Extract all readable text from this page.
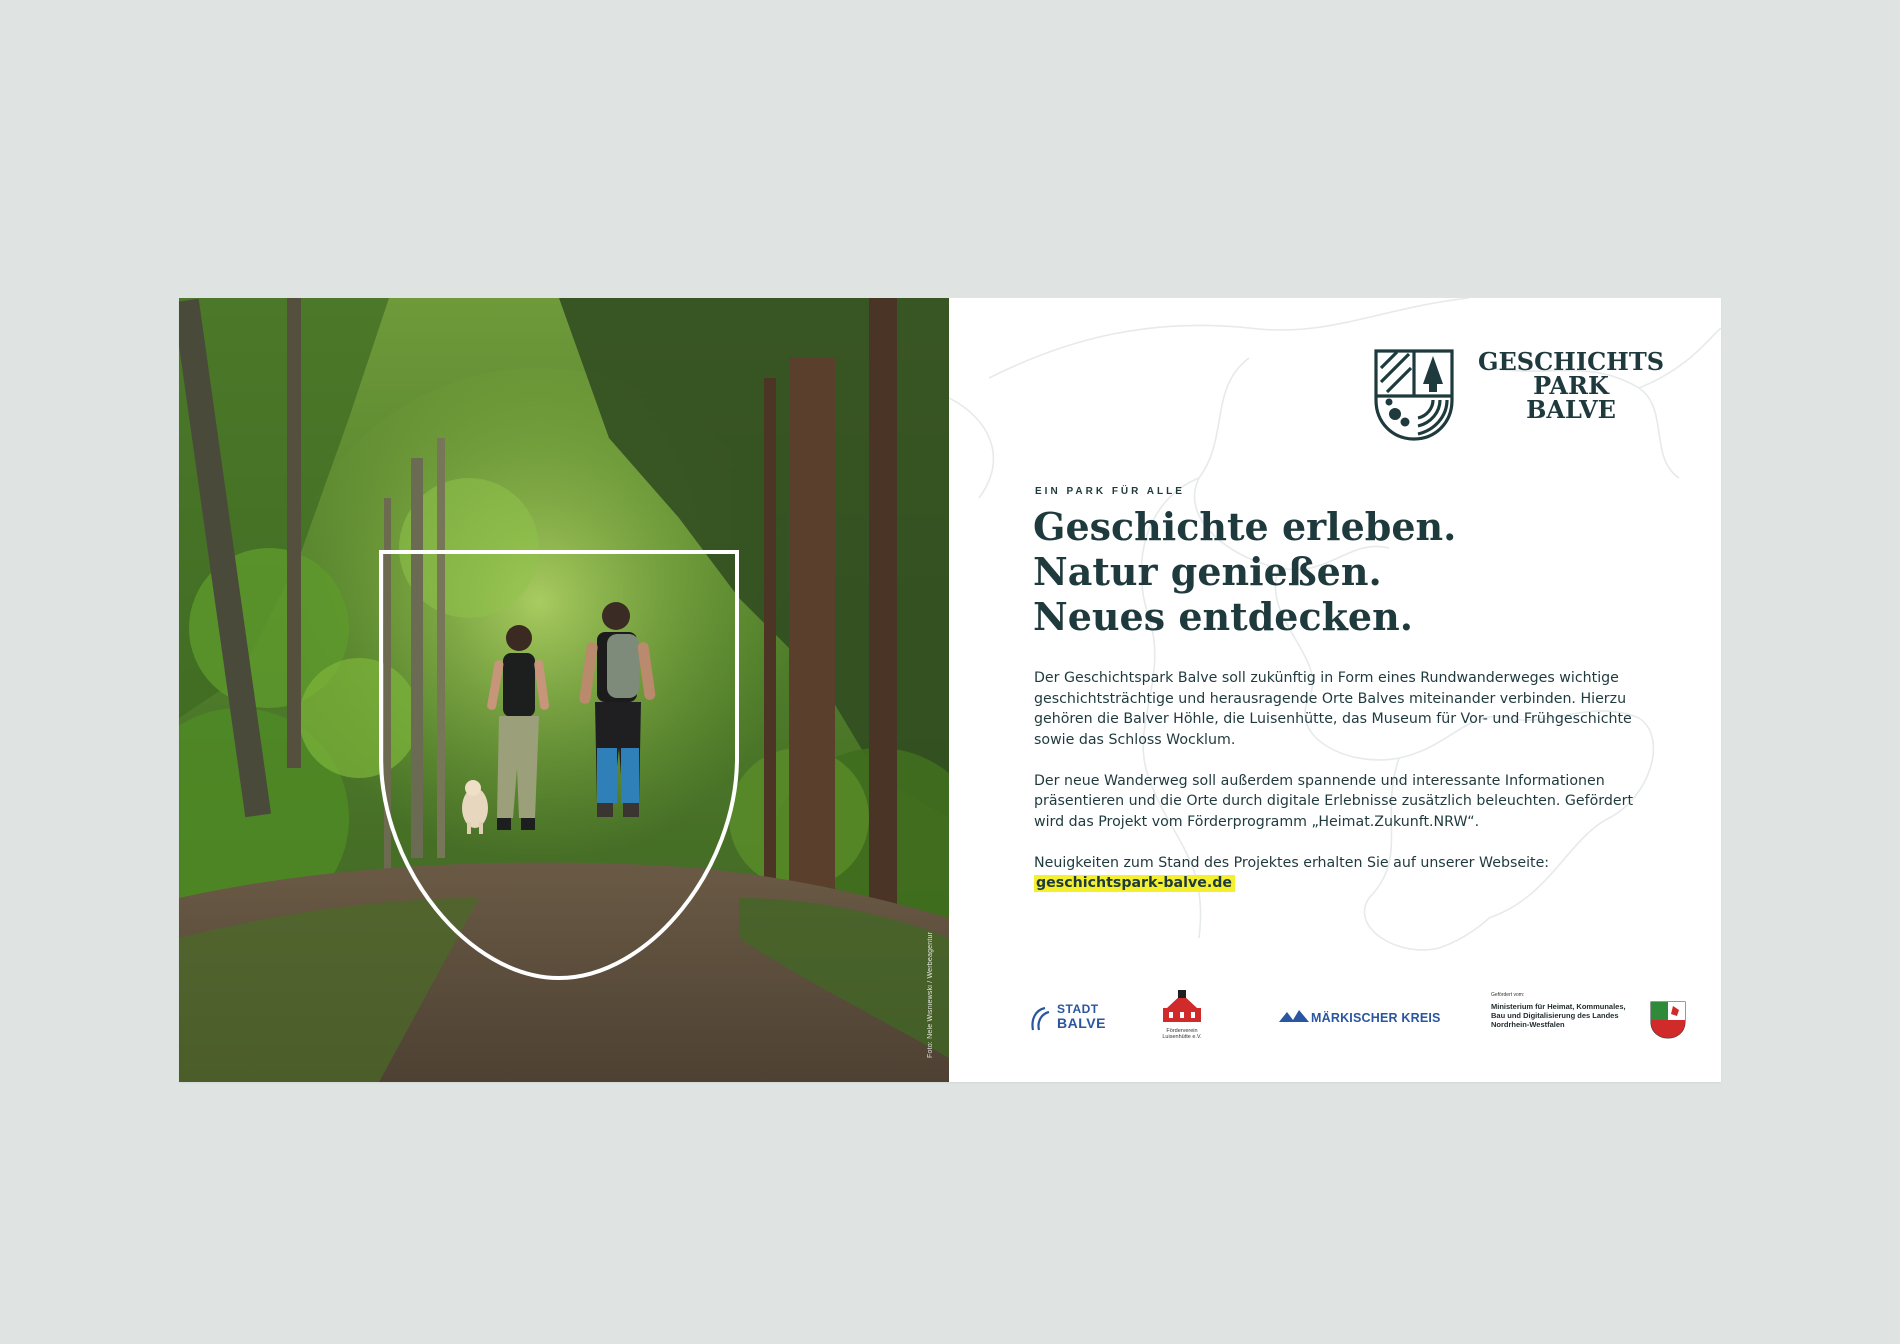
Foto: Nele Wisniewski / Werbeagentur
GESCHICHTS
PARK
BALVE
EIN PARK FÜR ALLE
Geschichte erleben.
Natur genießen.
Neues entdecken.

Der Geschichtspark Balve soll zukünftig in Form eines Rundwanderweges wichtige geschichtsträchtige und herausragende Orte Balves miteinander verbinden. Hierzu gehören die Balver Höhle, die Luisenhütte, das Museum für Vor- und Frühgeschichte sowie das Schloss Wocklum.

Der neue Wanderweg soll außerdem spannende und interessante Informationen präsentieren und die Orte durch digitale Erlebnisse zusätzlich beleuchten. Gefördert wird das Projekt vom Förderprogramm „Heimat.Zukunft.NRW“.

Neuigkeiten zum Stand des Projektes erhalten Sie auf unserer Webseite:
geschichtspark-balve.de

STADT
BALVE	Förderverein Luisenhütte e.V.
MÄRKISCHER KREIS
Gefördert vom:
Ministerium für Heimat, Kommunales, Bau und Digitalisierung des Landes Nordrhein-Westfalen
